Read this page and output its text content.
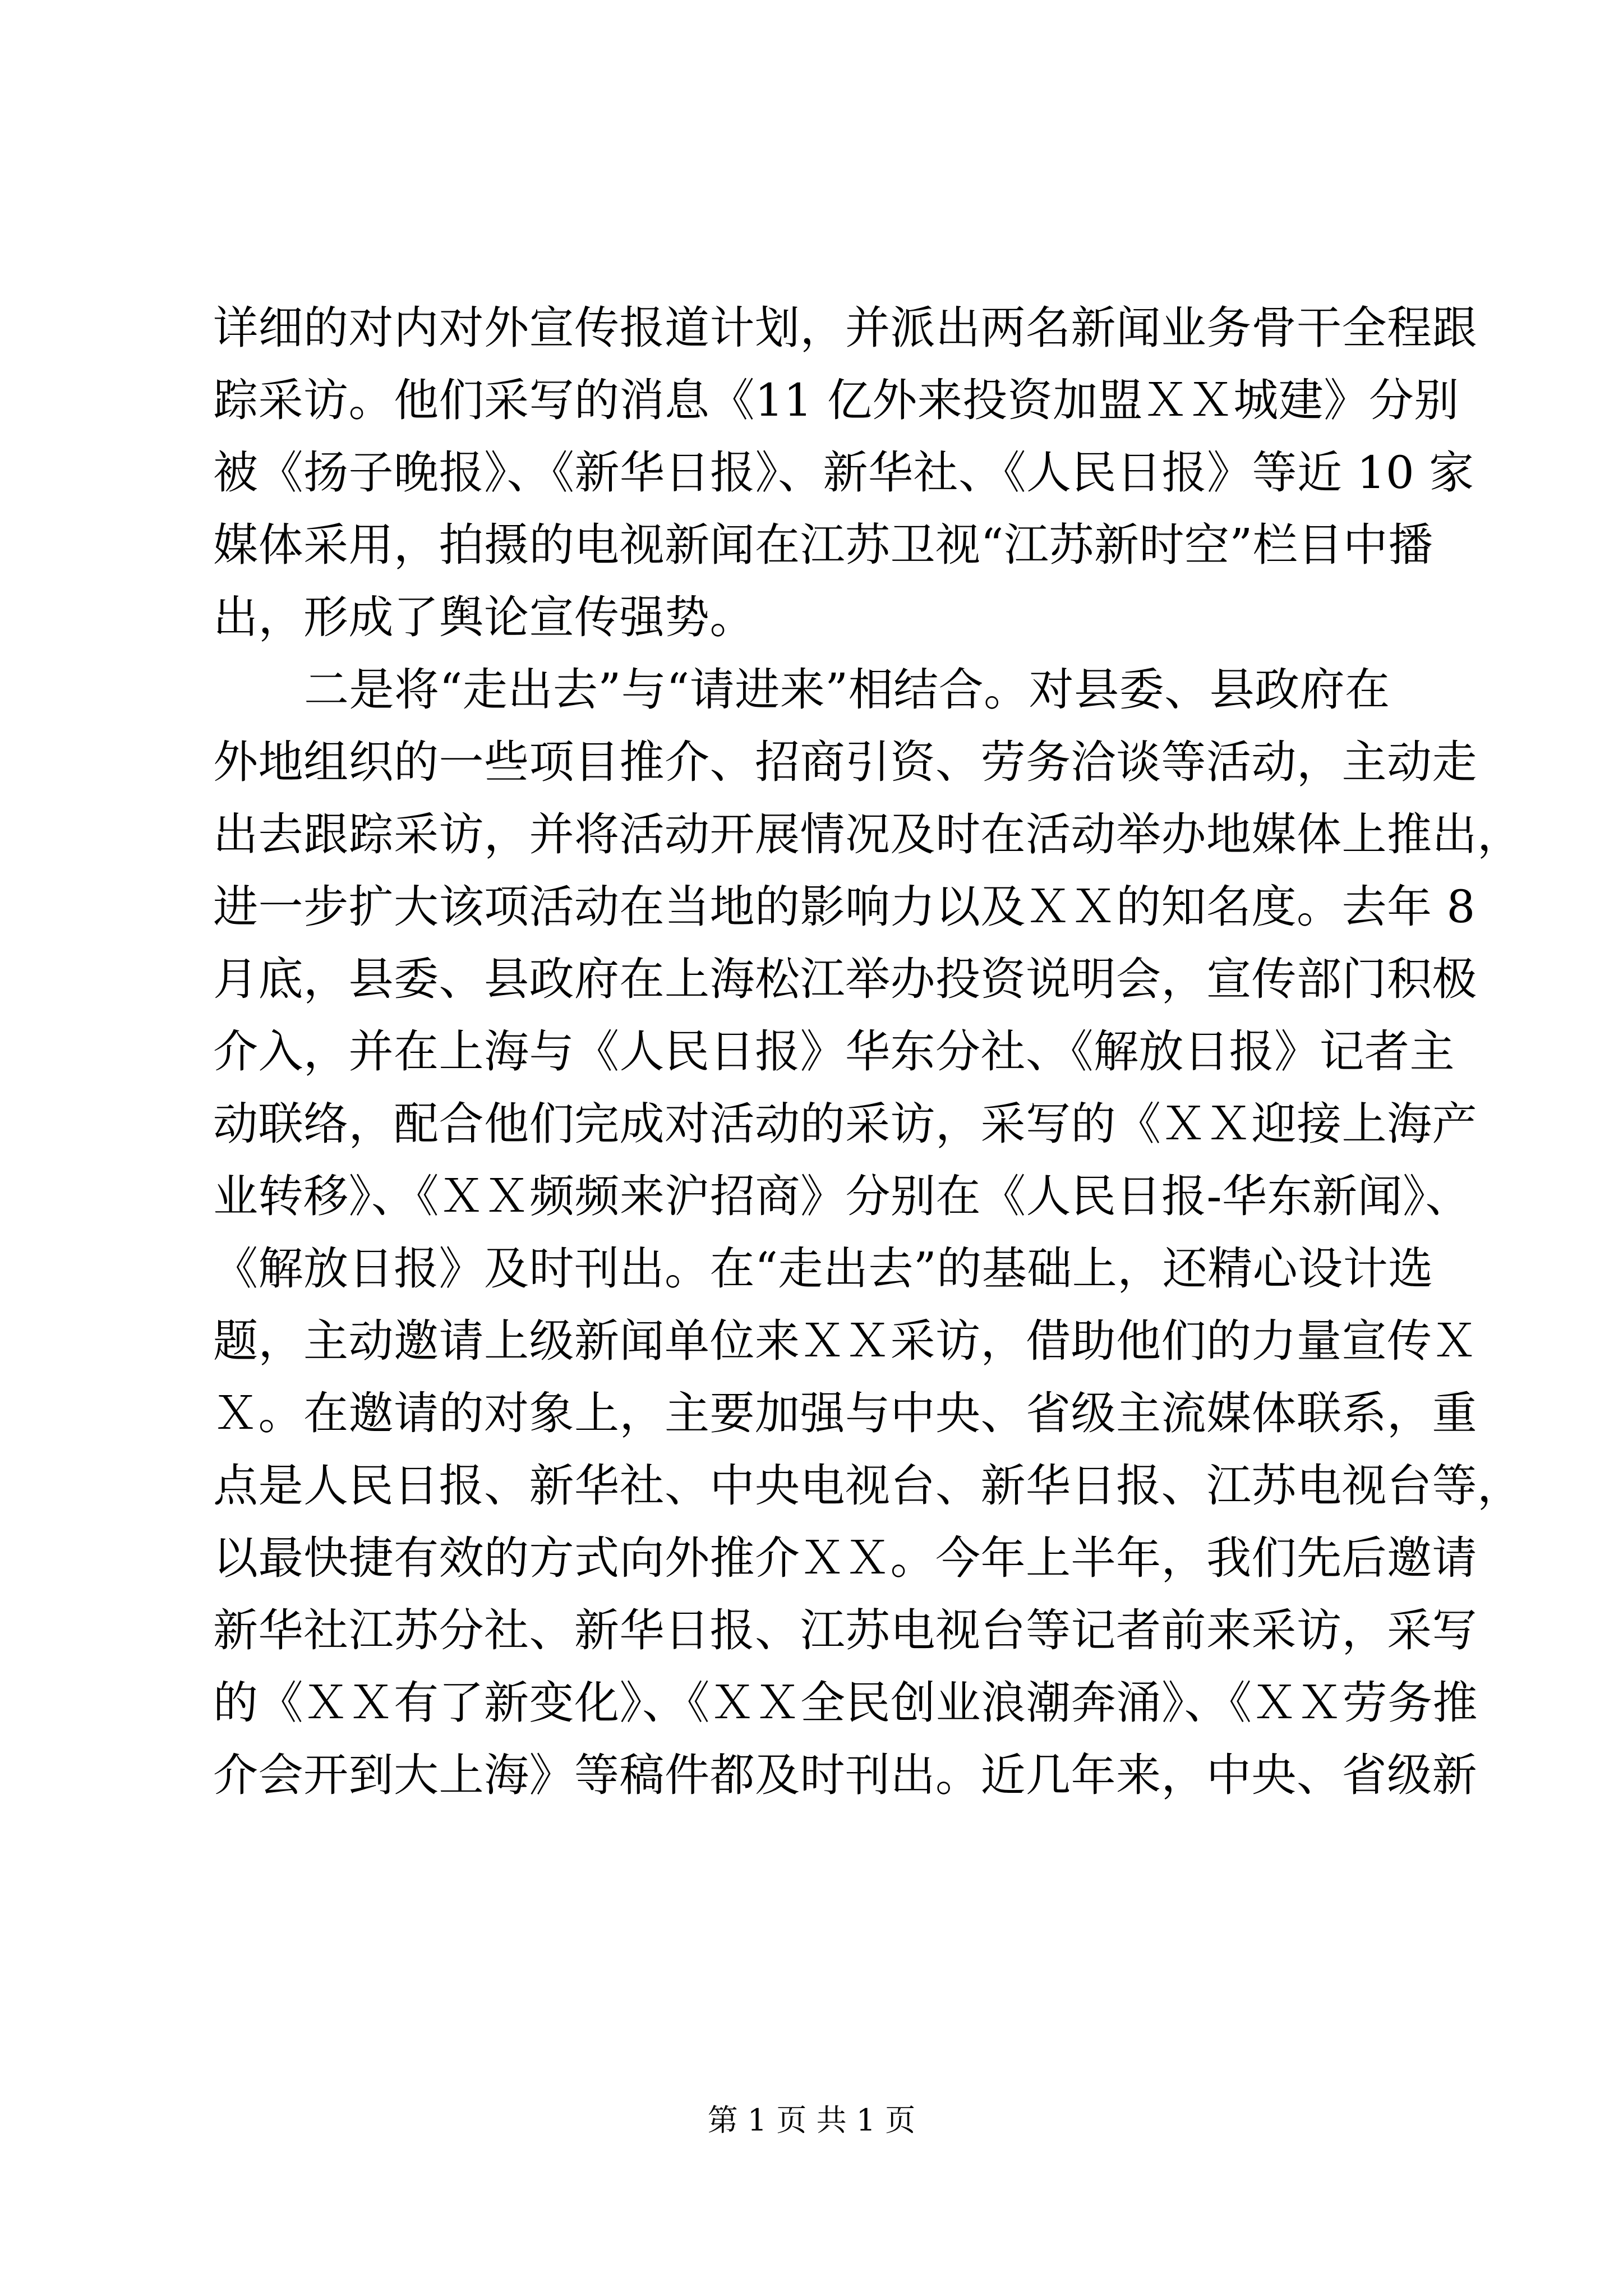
详细的对内对外宣传报道计划，并派出两名新闻业务骨干全程跟
踪采访。他们采写的消息《11 亿外来投资加盟ＸＸ城建》分别
被《扬子晚报》、《新华日报》、新华社、《人民日报》等近 10 家
媒体采用，拍摄的电视新闻在江苏卫视“江苏新时空”栏目中播
出，形成了舆论宣传强势。
二是将“走出去”与“请进来”相结合。对县委、县政府在
外地组织的一些项目推介、招商引资、劳务洽谈等活动，主动走
出去跟踪采访，并将活动开展情况及时在活动举办地媒体上推出，
进一步扩大该项活动在当地的影响力以及ＸＸ的知名度。去年 8
月底，县委、县政府在上海松江举办投资说明会，宣传部门积极
介入，并在上海与《人民日报》华东分社、《解放日报》记者主
动联络，配合他们完成对活动的采访，采写的《ＸＸ迎接上海产
业转移》、《ＸＸ频频来沪招商》分别在《人民日报-华东新闻》、
《解放日报》及时刊出。在“走出去”的基础上，还精心设计选
题，主动邀请上级新闻单位来ＸＸ采访，借助他们的力量宣传Ｘ
Ｘ。在邀请的对象上，主要加强与中央、省级主流媒体联系，重
点是人民日报、新华社、中央电视台、新华日报、江苏电视台等，
以最快捷有效的方式向外推介ＸＸ。今年上半年，我们先后邀请
新华社江苏分社、新华日报、江苏电视台等记者前来采访，采写
的《ＸＸ有了新变化》、《ＸＸ全民创业浪潮奔涌》、《ＸＸ劳务推
介会开到大上海》等稿件都及时刊出。近几年来，中央、省级新
第 1 页 共 1 页
